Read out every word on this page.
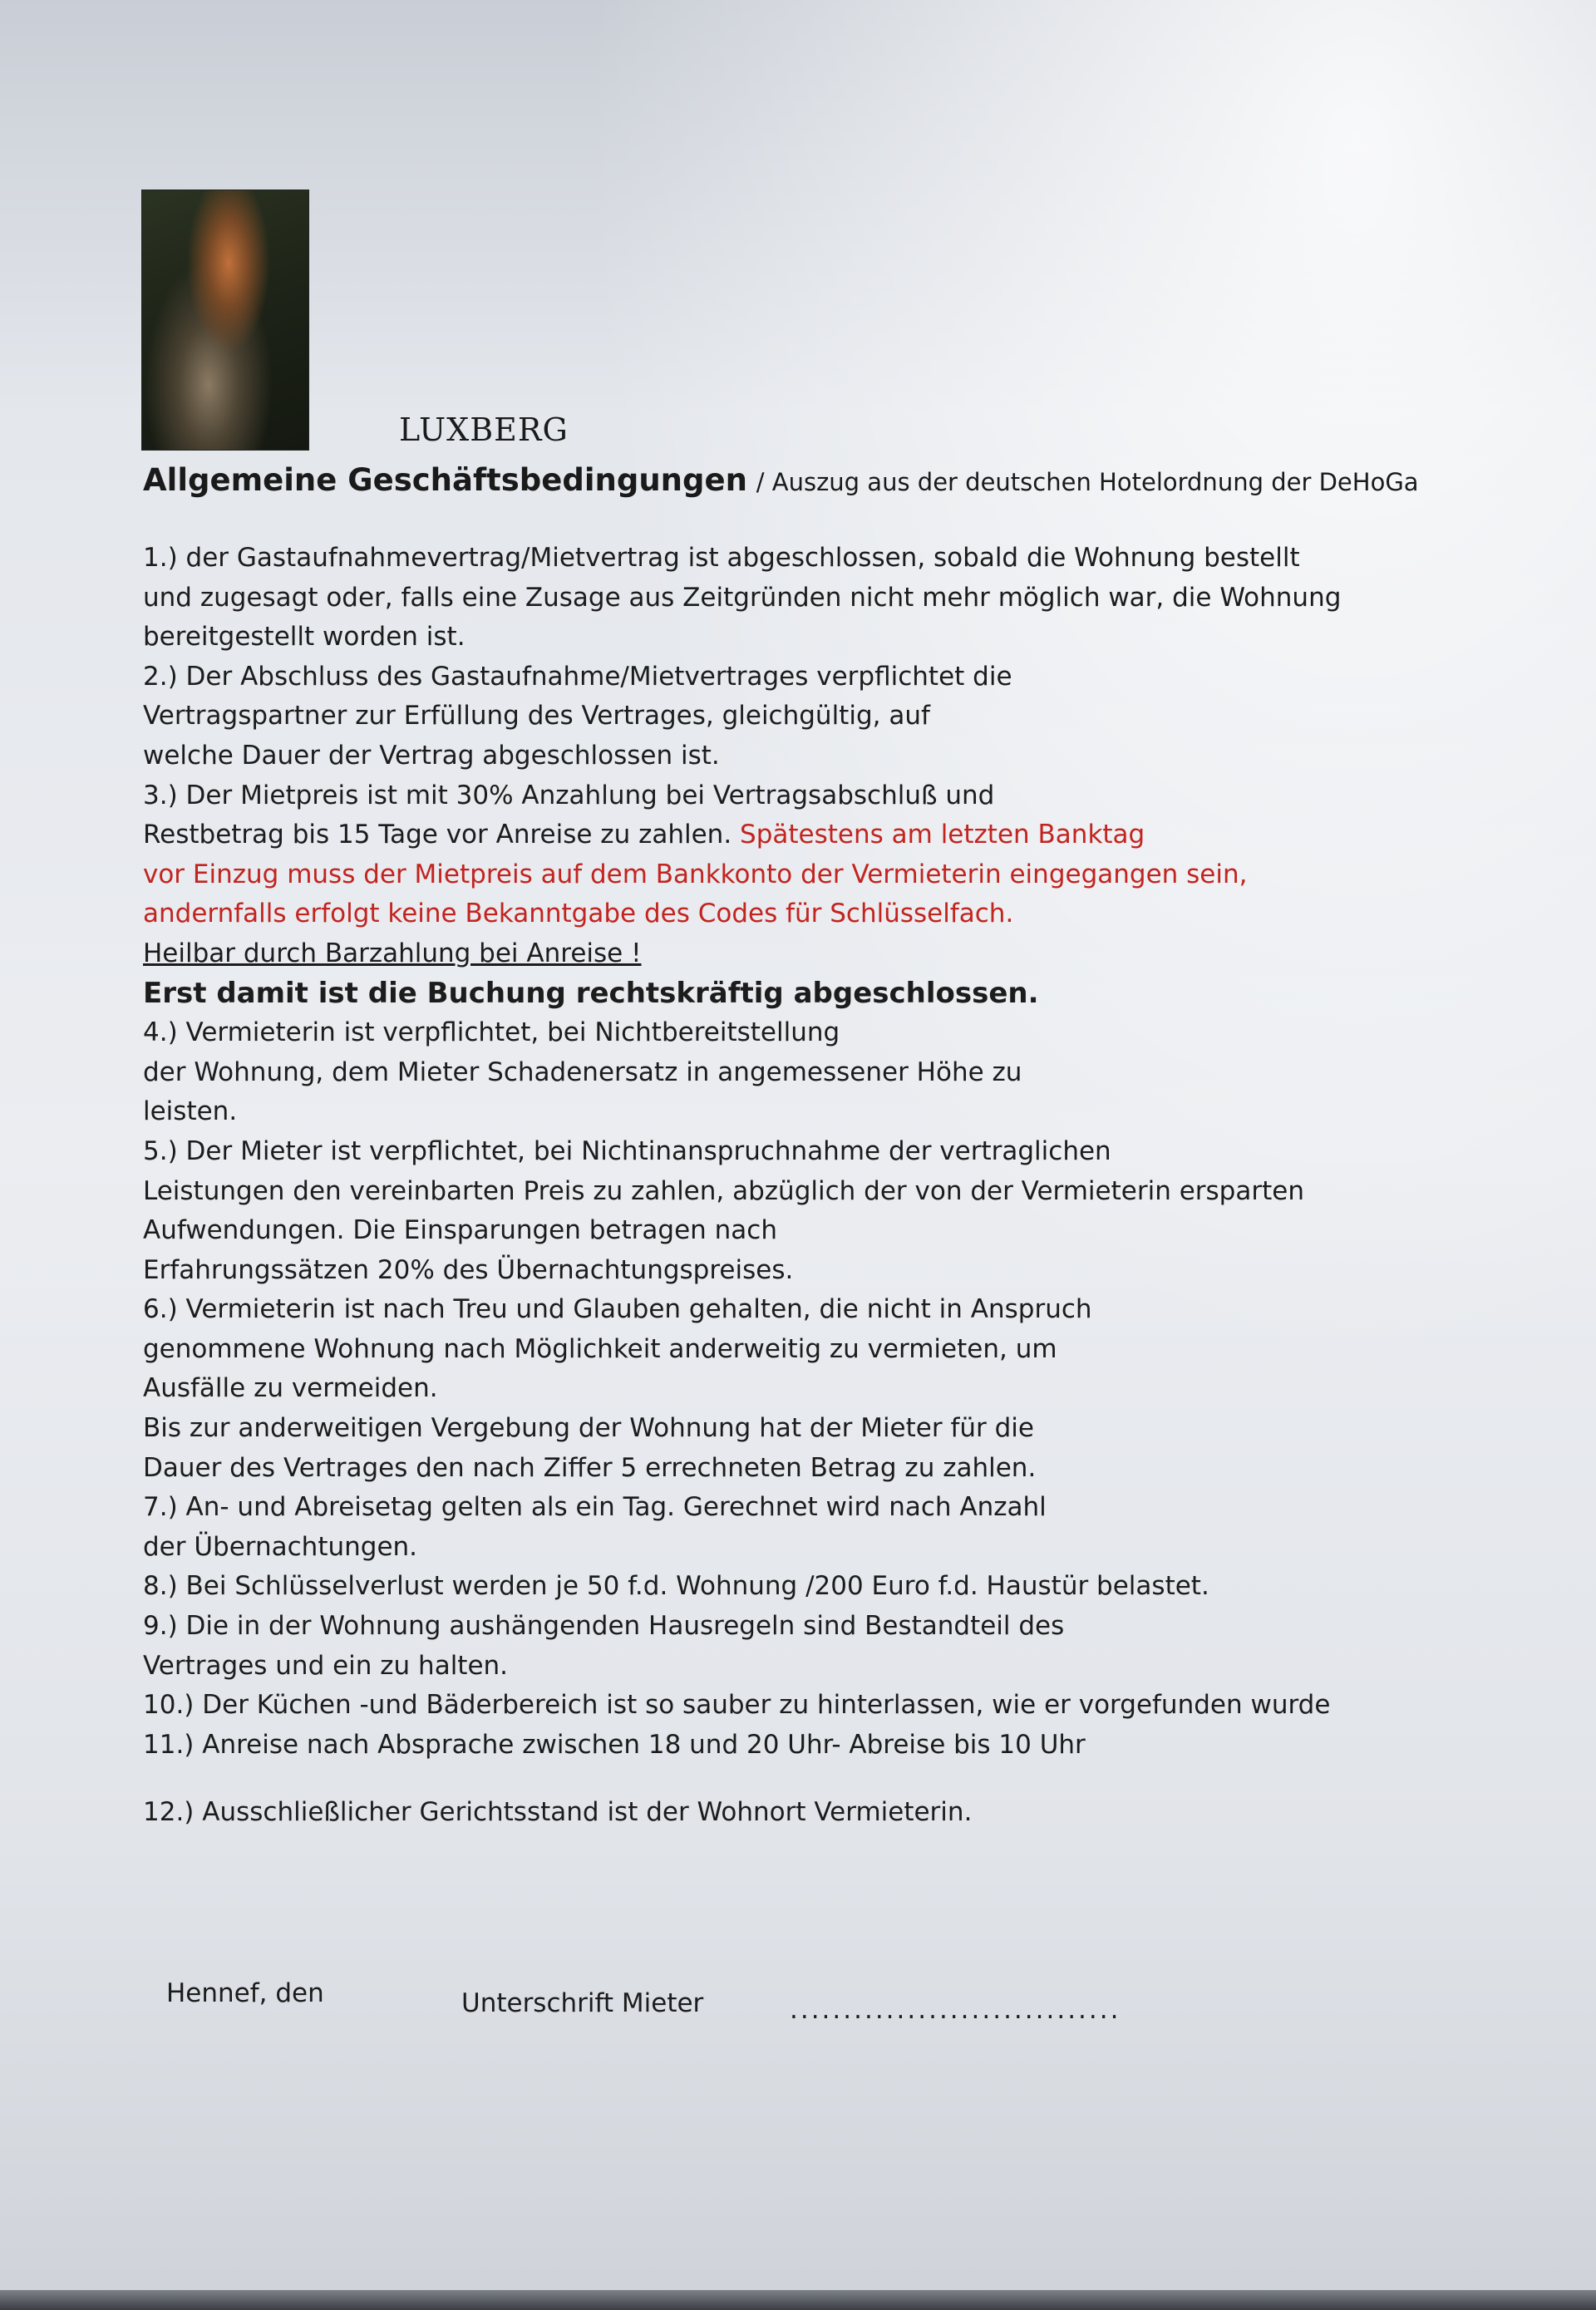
LUXBERG
Allgemeine Geschäftsbedingungen / Auszug aus der deutschen Hotelordnung der DeHoGa
1.) der Gastaufnahmevertrag/Mietvertrag ist abgeschlossen, sobald die Wohnung bestellt
und zugesagt oder, falls eine Zusage aus Zeitgründen nicht mehr möglich war, die Wohnung
bereitgestellt worden ist.
2.) Der Abschluss des Gastaufnahme/Mietvertrages verpflichtet die
Vertragspartner zur Erfüllung des Vertrages, gleichgültig, auf
welche Dauer der Vertrag abgeschlossen ist.
3.) Der Mietpreis ist mit 30% Anzahlung bei Vertragsabschluß und
Restbetrag bis 15 Tage vor Anreise zu zahlen. Spätestens am letzten Banktag
vor Einzug muss der Mietpreis auf dem Bankkonto der Vermieterin eingegangen sein,
andernfalls erfolgt keine Bekanntgabe des Codes für Schlüsselfach.
Heilbar durch Barzahlung bei Anreise !
Erst damit ist die Buchung rechtskräftig abgeschlossen.
4.) Vermieterin ist verpflichtet, bei Nichtbereitstellung
der Wohnung, dem Mieter Schadenersatz in angemessener Höhe zu
leisten.
5.) Der Mieter ist verpflichtet, bei Nichtinanspruchnahme der vertraglichen
Leistungen den vereinbarten Preis zu zahlen, abzüglich der von der Vermieterin ersparten
Aufwendungen. Die Einsparungen betragen nach
Erfahrungssätzen 20% des Übernachtungspreises.
6.) Vermieterin ist nach Treu und Glauben gehalten, die nicht in Anspruch
genommene Wohnung nach Möglichkeit anderweitig zu vermieten, um
Ausfälle zu vermeiden.
Bis zur anderweitigen Vergebung der Wohnung hat der Mieter für die
Dauer des Vertrages den nach Ziffer 5 errechneten Betrag zu zahlen.
7.) An- und Abreisetag gelten als ein Tag. Gerechnet wird nach Anzahl
der Übernachtungen.
8.) Bei Schlüsselverlust werden je 50 f.d. Wohnung /200 Euro f.d. Haustür belastet.
9.) Die in der Wohnung aushängenden Hausregeln sind Bestandteil des
Vertrages und ein zu halten.
10.) Der Küchen -und Bäderbereich ist so sauber zu hinterlassen, wie er vorgefunden wurde
11.) Anreise nach Absprache zwischen 18 und 20 Uhr- Abreise bis 10 Uhr
12.) Ausschließlicher Gerichtsstand ist der Wohnort Vermieterin.
Hennef, den	Unterschrift Mieter	...............................
